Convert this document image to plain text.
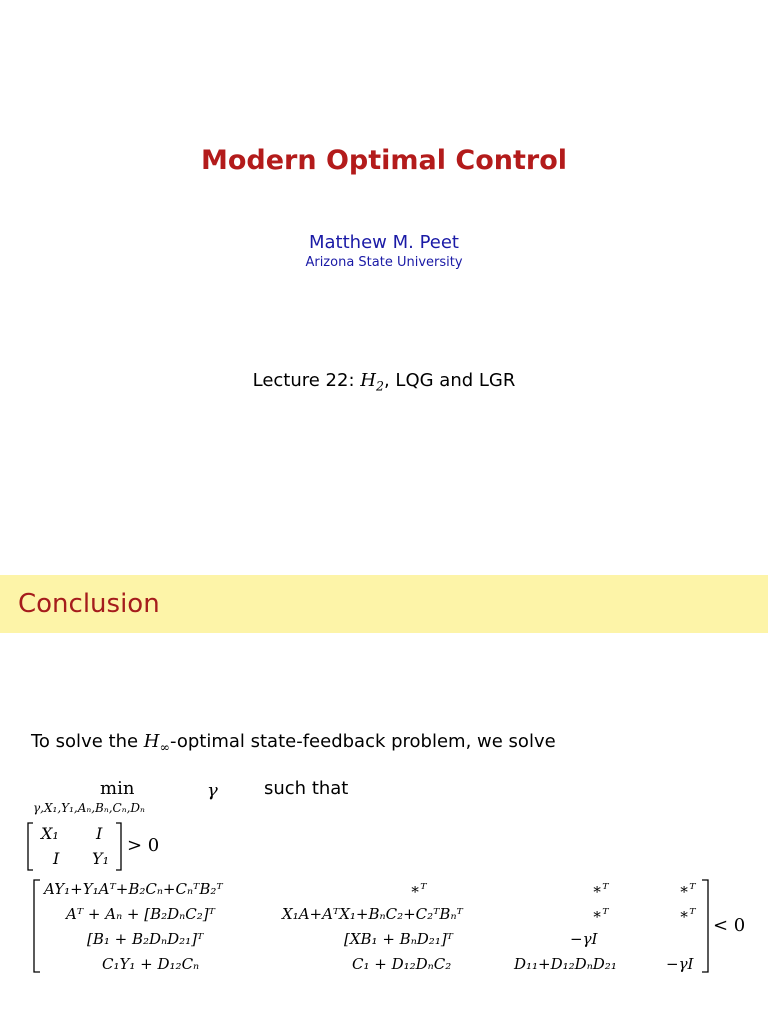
Modern Optimal Control
Matthew M. Peet
Arizona State University
Lecture 22: $H_2$, LQG and LGR
Conclusion
To solve the $H_\infty$-optimal state-feedback problem, we solve
min	γ
γ,X₁,Y₁,Aₙ,Bₙ,Cₙ,Dₙ
such that
X₁ I
I Y₁
> 0
AY₁+Y₁Aᵀ+B₂Cₙ+CₙᵀB₂ᵀ	∗ᵀ	∗ᵀ	∗ᵀ
Aᵀ + Aₙ + [B₂DₙC₂]ᵀ	X₁A+AᵀX₁+BₙC₂+C₂ᵀBₙᵀ	∗ᵀ	∗ᵀ
[B₁ + B₂DₙD₂₁]ᵀ	[XB₁ + BₙD₂₁]ᵀ	−γI
C₁Y₁ + D₁₂Cₙ	C₁ + D₁₂DₙC₂	D₁₁+D₁₂DₙD₂₁	−γI
< 0
